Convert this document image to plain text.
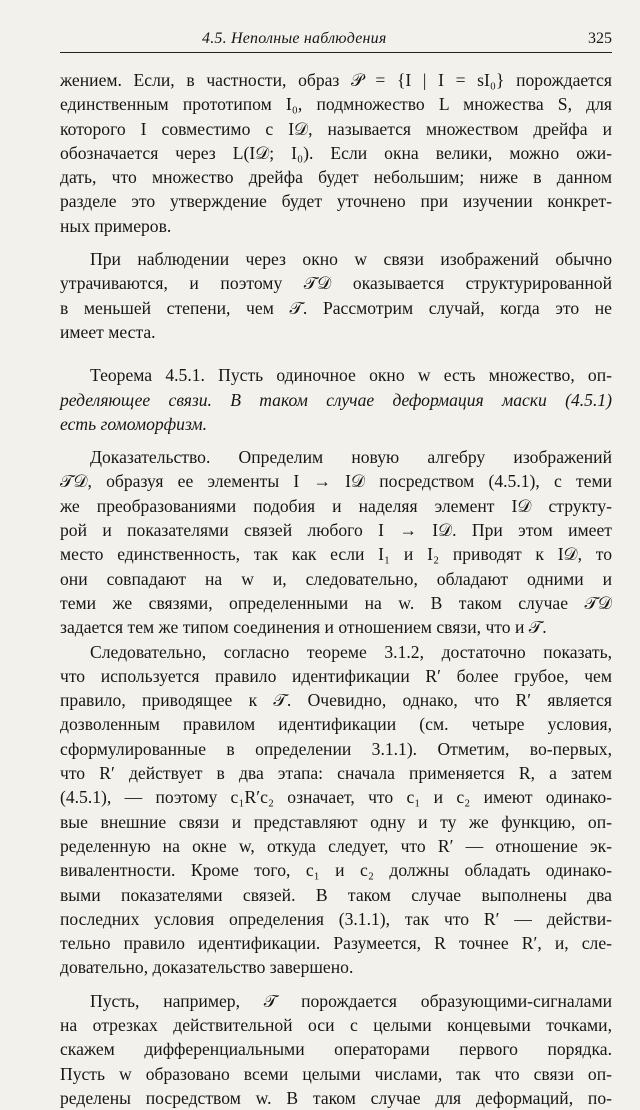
4.5. Неполные наблюдения	325
жением. Если, в частности, образ 𝒫 = {I | I = sI₀} порождается
единственным прототипом I₀, подмножество L множества S, для
которого I совместимо с I𝒟, называется множеством дрейфа и
обозначается через L(I𝒟; I₀). Если окна велики, можно ожи-
дать, что множество дрейфа будет небольшим; ниже в данном
разделе это утверждение будет уточнено при изучении конкрет-
ных примеров.
При наблюдении через окно w связи изображений обычно
утрачиваются, и поэтому 𝒯𝒟 оказывается структурированной
в меньшей степени, чем 𝒯. Рассмотрим случай, когда это не
имеет места.
Теорема 4.5.1. Пусть одиночное окно w есть множество, оп-
ределяющее связи. В таком случае деформация маски (4.5.1)
есть гомоморфизм.
Доказательство. Определим новую алгебру изображений
𝒯𝒟, образуя ее элементы I → I𝒟 посредством (4.5.1), с теми
же преобразованиями подобия и наделяя элемент I𝒟 структу-
рой и показателями связей любого I → I𝒟. При этом имеет
место единственность, так как если I₁ и I₂ приводят к I𝒟, то
они совпадают на w и, следовательно, обладают одними и
теми же связями, определенными на w. В таком случае 𝒯𝒟
задается тем же типом соединения и отношением связи, что и 𝒯.
Следовательно, согласно теореме 3.1.2, достаточно показать,
что используется правило идентификации R′ более грубое, чем
правило, приводящее к 𝒯. Очевидно, однако, что R′ является
дозволенным правилом идентификации (см. четыре условия,
сформулированные в определении 3.1.1). Отметим, во-первых,
что R′ действует в два этапа: сначала применяется R, а затем
(4.5.1), — поэтому c₁R′c₂ означает, что c₁ и c₂ имеют одинако-
вые внешние связи и представляют одну и ту же функцию, оп-
ределенную на окне w, откуда следует, что R′ — отношение эк-
вивалентности. Кроме того, c₁ и c₂ должны обладать одинако-
выми показателями связей. В таком случае выполнены два
последних условия определения (3.1.1), так что R′ — действи-
тельно правило идентификации. Разумеется, R точнее R′, и, сле-
довательно, доказательство завершено.
Пусть, например, 𝒯 порождается образующими-сигналами
на отрезках действительной оси с целыми концевыми точками,
скажем дифференциальными операторами первого порядка.
Пусть w образовано всеми целыми числами, так что связи оп-
ределены посредством w. В таком случае для деформаций, по-
